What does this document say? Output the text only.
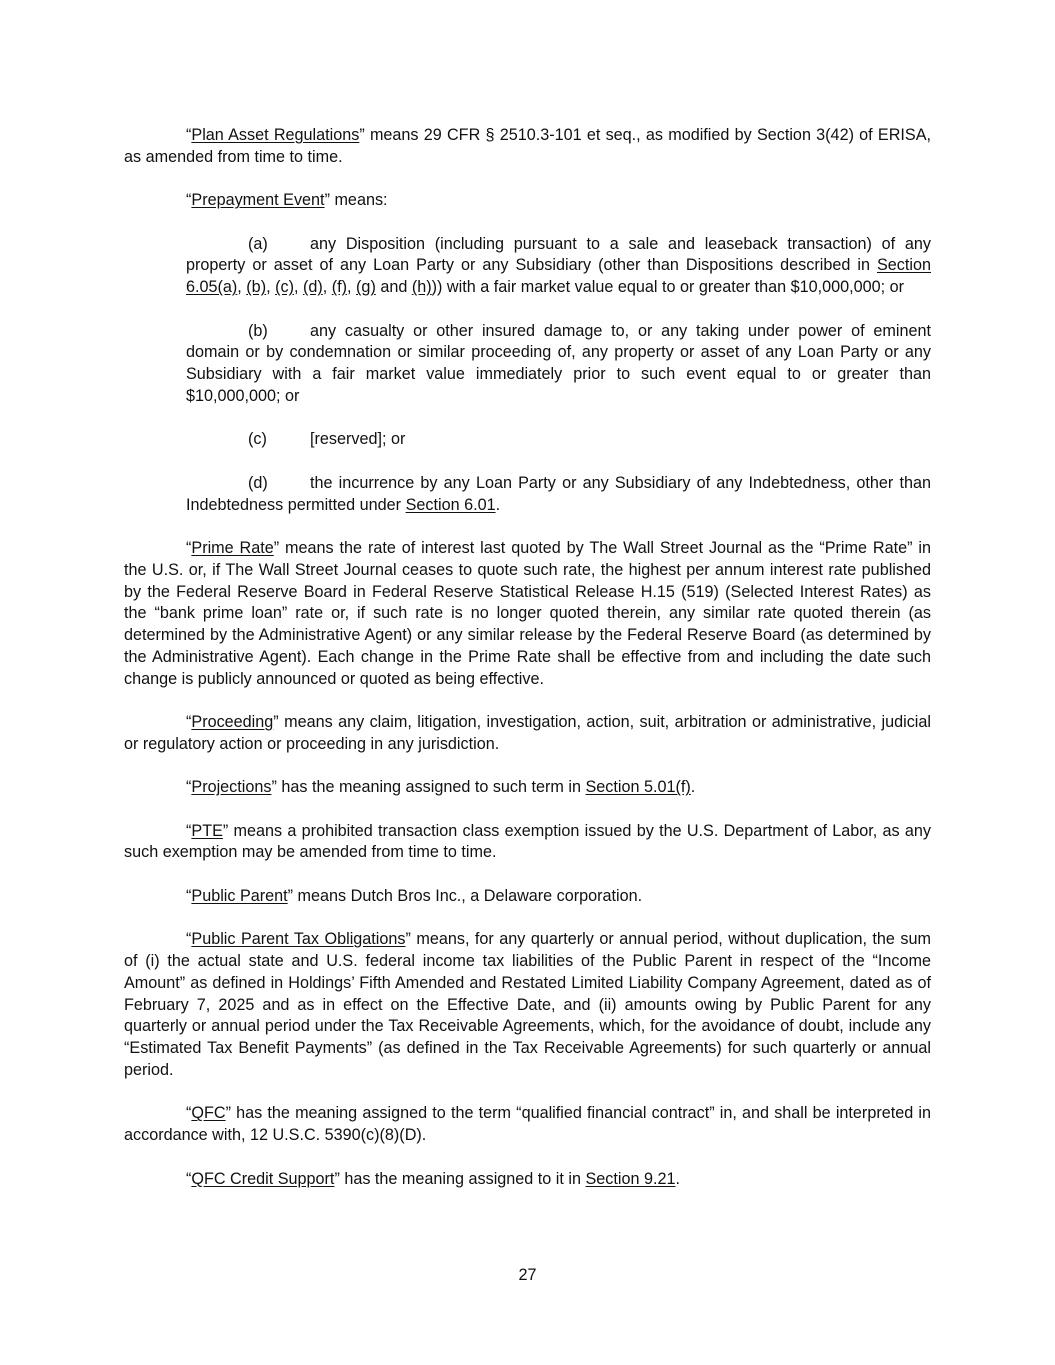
“Plan Asset Regulations” means 29 CFR § 2510.3-101 et seq., as modified by Section 3(42) of ERISA, as amended from time to time.

“Prepayment Event” means:

(a)	any Disposition (including pursuant to a sale and leaseback transaction) of any property or asset of any Loan Party or any Subsidiary (other than Dispositions described in Section 6.05(a), (b), (c), (d), (f), (g) and (h))) with a fair market value equal to or greater than $10,000,000; or

(b)	any casualty or other insured damage to, or any taking under power of eminent domain or by condemnation or similar proceeding of, any property or asset of any Loan Party or any Subsidiary with a fair market value immediately prior to such event equal to or greater than $10,000,000; or

(c)	[reserved]; or

(d)	the incurrence by any Loan Party or any Subsidiary of any Indebtedness, other than Indebtedness permitted under Section 6.01.

“Prime Rate” means the rate of interest last quoted by The Wall Street Journal as the “Prime Rate” in the U.S. or, if The Wall Street Journal ceases to quote such rate, the highest per annum interest rate published by the Federal Reserve Board in Federal Reserve Statistical Release H.15 (519) (Selected Interest Rates) as the “bank prime loan” rate or, if such rate is no longer quoted therein, any similar rate quoted therein (as determined by the Administrative Agent) or any similar release by the Federal Reserve Board (as determined by the Administrative Agent). Each change in the Prime Rate shall be effective from and including the date such change is publicly announced or quoted as being effective.

“Proceeding” means any claim, litigation, investigation, action, suit, arbitration or administrative, judicial or regulatory action or proceeding in any jurisdiction.

“Projections” has the meaning assigned to such term in Section 5.01(f).

“PTE” means a prohibited transaction class exemption issued by the U.S. Department of Labor, as any such exemption may be amended from time to time.

“Public Parent” means Dutch Bros Inc., a Delaware corporation.

“Public Parent Tax Obligations” means, for any quarterly or annual period, without duplication, the sum of (i) the actual state and U.S. federal income tax liabilities of the Public Parent in respect of the “Income Amount” as defined in Holdings’ Fifth Amended and Restated Limited Liability Company Agreement, dated as of February 7, 2025 and as in effect on the Effective Date, and (ii) amounts owing by Public Parent for any quarterly or annual period under the Tax Receivable Agreements, which, for the avoidance of doubt, include any “Estimated Tax Benefit Payments” (as defined in the Tax Receivable Agreements) for such quarterly or annual period.

“QFC” has the meaning assigned to the term “qualified financial contract” in, and shall be interpreted in accordance with, 12 U.S.C. 5390(c)(8)(D).

“QFC Credit Support” has the meaning assigned to it in Section 9.21.

27
